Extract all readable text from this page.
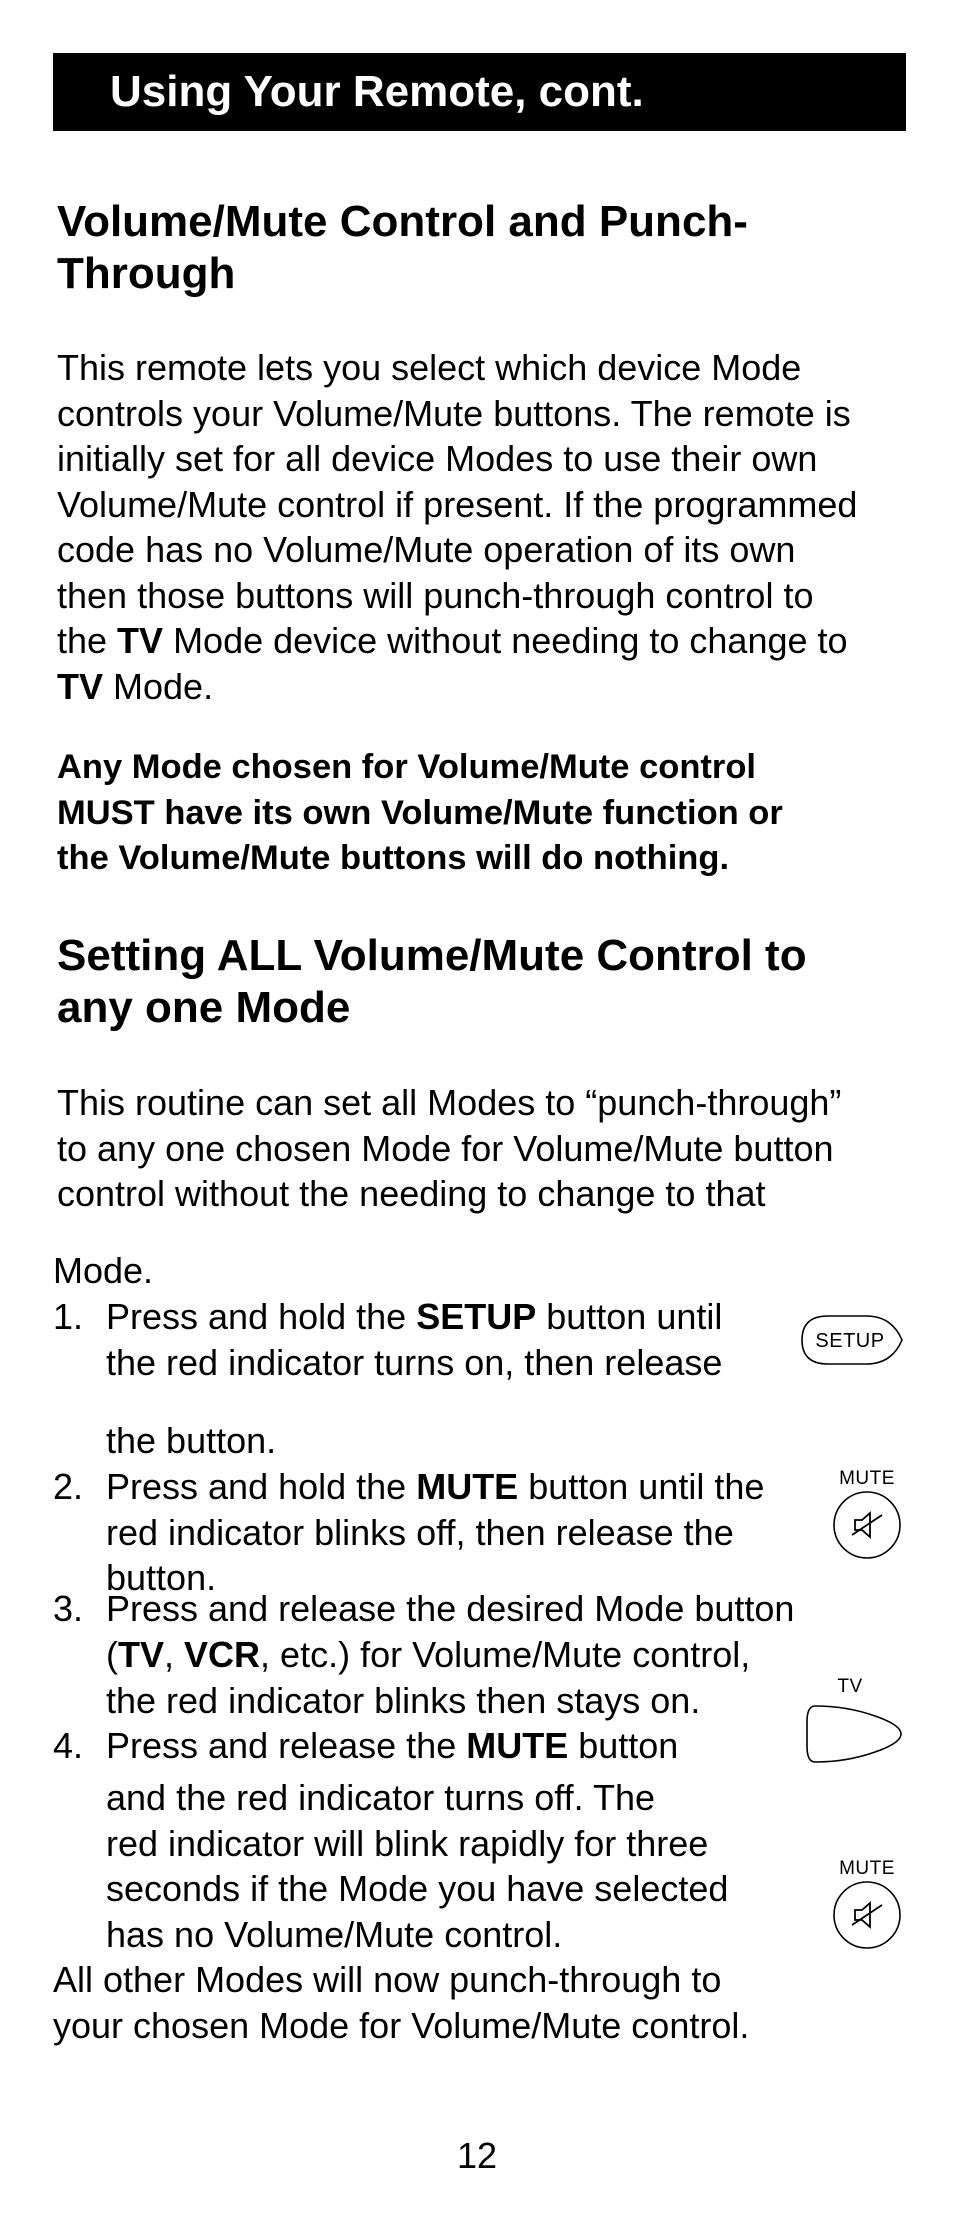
Using Your Remote, cont.
Volume/Mute Control and Punch-
Through

This remote lets you select which device Mode
controls your Volume/Mute buttons. The remote is
initially set for all device Modes to use their own
Volume/Mute control if present. If the programmed
code has no Volume/Mute operation of its own
then those buttons will punch-through control to
the TV Mode device without needing to change to
TV Mode.

Any Mode chosen for Volume/Mute control
MUST have its own Volume/Mute function or
the Volume/Mute buttons will do nothing.

Setting ALL Volume/Mute Control to
any one Mode

This routine can set all Modes to “punch-through”
to any one chosen Mode for Volume/Mute button
control without the needing to change to that

Mode.
1. Press and hold the SETUP button until
the red indicator turns on, then release
the button.
2. Press and hold the MUTE button until the
red indicator blinks off, then release the
button.
3. Press and release the desired Mode button
(TV, VCR, etc.) for Volume/Mute control,
the red indicator blinks then stays on.
4. Press and release the MUTE button
and the red indicator turns off. The
red indicator will blink rapidly for three
seconds if the Mode you have selected
has no Volume/Mute control.
All other Modes will now punch-through to
your chosen Mode for Volume/Mute control.
SETUP
MUTE
TV
MUTE
12
